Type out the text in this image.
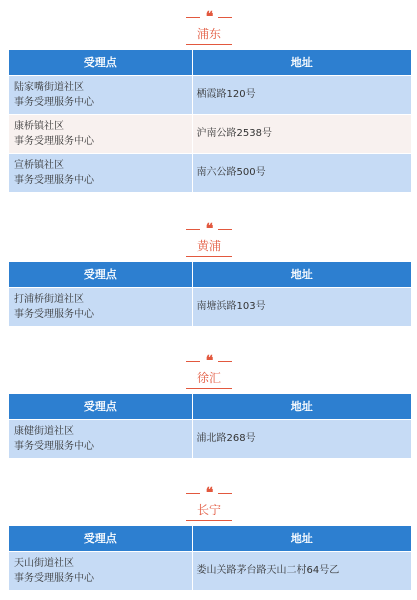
❝
浦东
受理点	地址

陆家嘴街道社区
事务受理服务中心	栖霞路120号

康桥镇社区
事务受理服务中心	沪南公路2538号

宣桥镇社区
事务受理服务中心	南六公路500号
❝
黄浦
受理点	地址

打浦桥街道社区
事务受理服务中心	南塘浜路103号
❝
徐汇
受理点	地址

康健街道社区
事务受理服务中心	浦北路268号
❝
长宁
受理点	地址

天山街道社区
事务受理服务中心	娄山关路茅台路天山二村64号乙
